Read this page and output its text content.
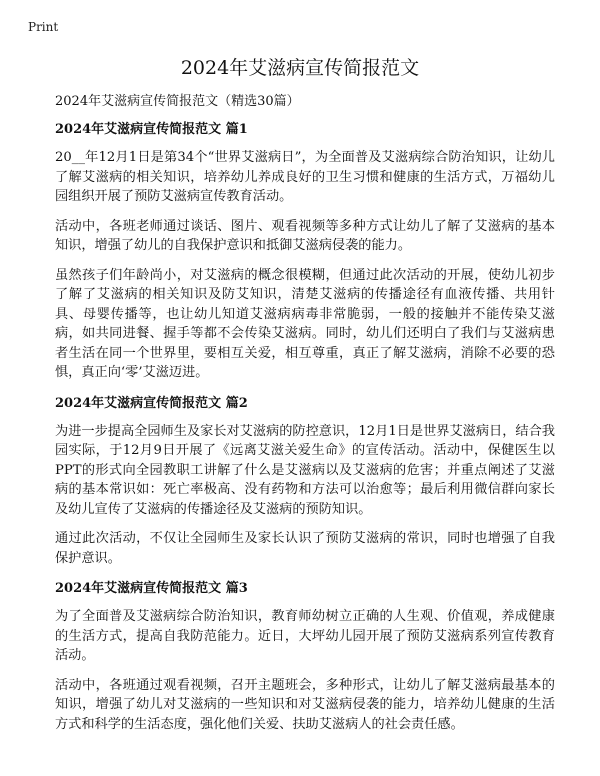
Print
2024年艾滋病宣传简报范文

2024年艾滋病宣传简报范文（精选30篇）

2024年艾滋病宣传简报范文 篇1

20__年12月1日是第34个“世界艾滋病日”，为全面普及艾滋病综合防治知识，让幼儿了解艾滋病的相关知识，培养幼儿养成良好的卫生习惯和健康的生活方式，万福幼儿园组织开展了预防艾滋病宣传教育活动。

活动中，各班老师通过谈话、图片、观看视频等多种方式让幼儿了解了艾滋病的基本知识，增强了幼儿的自我保护意识和抵御艾滋病侵袭的能力。

虽然孩子们年龄尚小，对艾滋病的概念很模糊，但通过此次活动的开展，使幼儿初步了解了艾滋病的相关知识及防艾知识，清楚艾滋病的传播途径有血液传播、共用针具、母婴传播等，也让幼儿知道艾滋病病毒非常脆弱，一般的接触并不能传染艾滋病，如共同进餐、握手等都不会传染艾滋病。同时，幼儿们还明白了我们与艾滋病患者生活在同一个世界里，要相互关爱，相互尊重，真正了解艾滋病，消除不必要的恐惧，真正向‘零’艾滋迈进。

2024年艾滋病宣传简报范文 篇2

为进一步提高全园师生及家长对艾滋病的防控意识，12月1日是世界艾滋病日，结合我园实际，于12月9日开展了《远离艾滋关爱生命》的宣传活动。活动中，保健医生以PPT的形式向全园教职工讲解了什么是艾滋病以及艾滋病的危害；并重点阐述了艾滋病的基本常识如：死亡率极高、没有药物和方法可以治愈等；最后利用微信群向家长及幼儿宣传了艾滋病的传播途径及艾滋病的预防知识。

通过此次活动，不仅让全园师生及家长认识了预防艾滋病的常识，同时也增强了自我保护意识。

2024年艾滋病宣传简报范文 篇3

为了全面普及艾滋病综合防治知识，教育师幼树立正确的人生观、价值观，养成健康的生活方式，提高自我防范能力。近日，大坪幼儿园开展了预防艾滋病系列宣传教育活动。

活动中，各班通过观看视频，召开主题班会，多种形式，让幼儿了解艾滋病最基本的知识，增强了幼儿对艾滋病的一些知识和对艾滋病侵袭的能力，培养幼儿健康的生活方式和科学的生活态度，强化他们关爱、扶助艾滋病人的社会责任感。
